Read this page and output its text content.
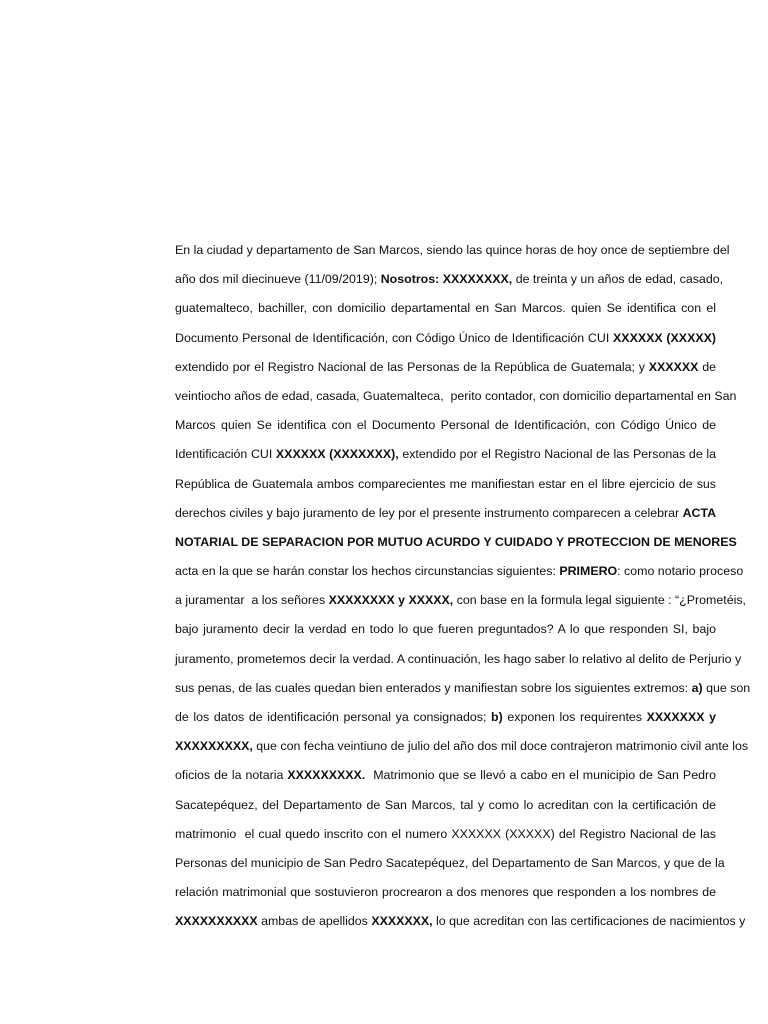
En la ciudad y departamento de San Marcos, siendo las quince horas de hoy once de septiembre del
año dos mil diecinueve (11/09/2019); Nosotros: XXXXXXXX, de treinta y un años de edad, casado,
guatemalteco, bachiller, con domicilio departamental en San Marcos. quien Se identifica con el
Documento Personal de Identificación, con Código Único de Identificación CUI XXXXXX (XXXXX)
extendido por el Registro Nacional de las Personas de la República de Guatemala; y XXXXXX de
veintiocho años de edad, casada, Guatemalteca,  perito contador, con domicilio departamental en San
Marcos quien Se identifica con el Documento Personal de Identificación, con Código Único de
Identificación CUI XXXXXX (XXXXXXX), extendido por el Registro Nacional de las Personas de la
República de Guatemala ambos comparecientes me manifiestan estar en el libre ejercicio de sus
derechos civiles y bajo juramento de ley por el presente instrumento comparecen a celebrar ACTA
NOTARIAL DE SEPARACION POR MUTUO ACURDO Y CUIDADO Y PROTECCION DE MENORES
acta en la que se harán constar los hechos circunstancias siguientes: PRIMERO: como notario proceso
a juramentar  a los señores XXXXXXXX y XXXXX, con base en la formula legal siguiente : “¿Prometéis,
bajo juramento decir la verdad en todo lo que fueren preguntados? A lo que responden SI, bajo
juramento, prometemos decir la verdad. A continuación, les hago saber lo relativo al delito de Perjurio y
sus penas, de las cuales quedan bien enterados y manifiestan sobre los siguientes extremos: a) que son
de los datos de identificación personal ya consignados; b) exponen los requirentes XXXXXXX y
XXXXXXXXX, que con fecha veintiuno de julio del año dos mil doce contrajeron matrimonio civil ante los
oficios de la notaria XXXXXXXXX.  Matrimonio que se llevó a cabo en el municipio de San Pedro
Sacatepéquez, del Departamento de San Marcos, tal y como lo acreditan con la certificación de
matrimonio  el cual quedo inscrito con el numero XXXXXX (XXXXX) del Registro Nacional de las
Personas del municipio de San Pedro Sacatepéquez, del Departamento de San Marcos, y que de la
relación matrimonial que sostuvieron procrearon a dos menores que responden a los nombres de
XXXXXXXXXX ambas de apellidos XXXXXXX, lo que acreditan con las certificaciones de nacimientos y
